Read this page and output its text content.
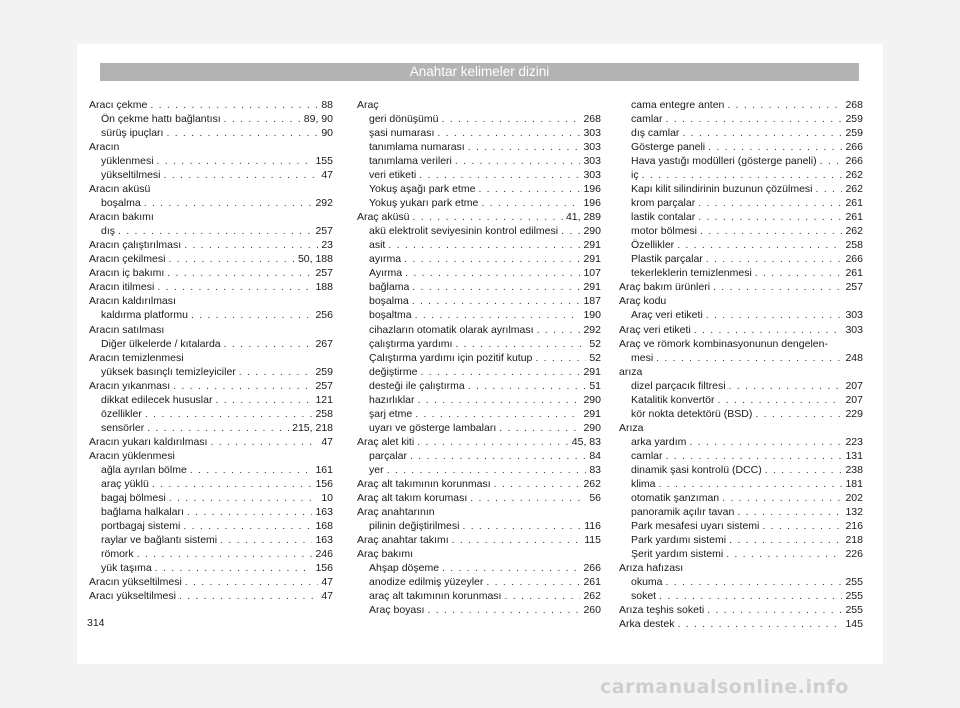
Anahtar kelimeler dizini
Aracı çekme . . .	88
Ön çekme hattı bağlantısı . . .	89, 90
sürüş ipuçları . . .	90
Aracın
yüklenmesi . . .	155
yükseltilmesi . . .	47
Aracın aküsü
boşalma . . .	292
Aracın bakımı
dış . . .	257
Aracın çalıştırılması . . .	23
Aracın çekilmesi . . .	50, 188
Aracın iç bakımı . . .	257
Aracın itilmesi . . .	188
Aracın kaldırılması
kaldırma platformu . . .	256
Aracın satılması
Diğer ülkelerde / kıtalarda . . .	267
Aracın temizlenmesi
yüksek basınçlı temizleyiciler . . .	259
Aracın yıkanması . . .	257
dikkat edilecek hususlar . . .	121
özellikler . . .	258
sensörler . . .	215, 218
Aracın yukarı kaldırılması . . .	47
Aracın yüklenmesi
ağla ayrılan bölme . . .	161
araç yüklü . . .	156
bagaj bölmesi . . .	10
bağlama halkaları . . .	163
portbagaj sistemi . . .	168
raylar ve bağlantı sistemi . . .	163
römork . . .	246
yük taşıma . . .	156
Aracın yükseltilmesi . . .	47
Aracı yükseltilmesi . . .	47
Araç
geri dönüşümü . . .	268
şasi numarası . . .	303
tanımlama numarası . . .	303
tanımlama verileri . . .	303
veri etiketi . . .	303
Yokuş aşağı park etme . . .	196
Yokuş yukarı park etme . . .	196
Araç aküsü . . .	41, 289
akü elektrolit seviyesinin kontrol edilmesi . . . 290
asit . . .	291
ayırma . . .	291
Ayırma . . .	107
bağlama . . .	291
boşalma . . .	187
boşaltma . . .	190
cihazların otomatik olarak ayrılması . . .	292
çalıştırma yardımı . . .	52
Çalıştırma yardımı için pozitif kutup . . .	52
değiştirme . . .	291
desteği ile çalıştırma . . .	51
hazırlıklar . . .	290
şarj etme . . .	291
uyarı ve gösterge lambaları . . .	290
Araç alet kiti . . .	45, 83
parçalar . . .	84
yer . . .	83
Araç alt takımının korunması . . .	262
Araç alt takım koruması . . .	56
Araç anahtarının
pilinin değiştirilmesi . . .	116
Araç anahtar takımı . . .	115
Araç bakımı
Ahşap döşeme . . .	266
anodize edilmiş yüzeyler . . .	261
araç alt takımının korunması . . .	262
Araç boyası . . .	260
cama entegre anten . . .	268
camlar . . .	259
dış camlar . . .	259
Gösterge paneli . . .	266
Hava yastığı modülleri (gösterge paneli) . . .	266
iç . . .	262
Kapı kilit silindirinin buzunun çözülmesi . . .	262
krom parçalar . . .	261
lastik contalar . . .	261
motor bölmesi . . .	262
Özellikler . . .	258
Plastik parçalar . . .	266
tekerleklerin temizlenmesi . . .	261
Araç bakım ürünleri . . .	257
Araç kodu
Araç veri etiketi . . .	303
Araç veri etiketi . . .	303
Araç ve römork kombinasyonunun dengelen-
mesi . . .	248
arıza
dizel parçacık filtresi . . .	207
Katalitik konvertör . . .	207
kör nokta detektörü (BSD) . . .	229
Arıza
arka yardım . . .	223
camlar . . .	131
dinamik şasi kontrolü (DCC) . . .	238
klima . . .	181
otomatik şanzıman . . .	202
panoramik açılır tavan . . .	132
Park mesafesi uyarı sistemi . . .	216
Park yardımı sistemi . . .	218
Şerit yardım sistemi . . .	226
Arıza hafızası
okuma . . .	255
soket . . .	255
Arıza teşhis soketi . . .	255
Arka destek . . .	145
314
carmanualsonline.info
